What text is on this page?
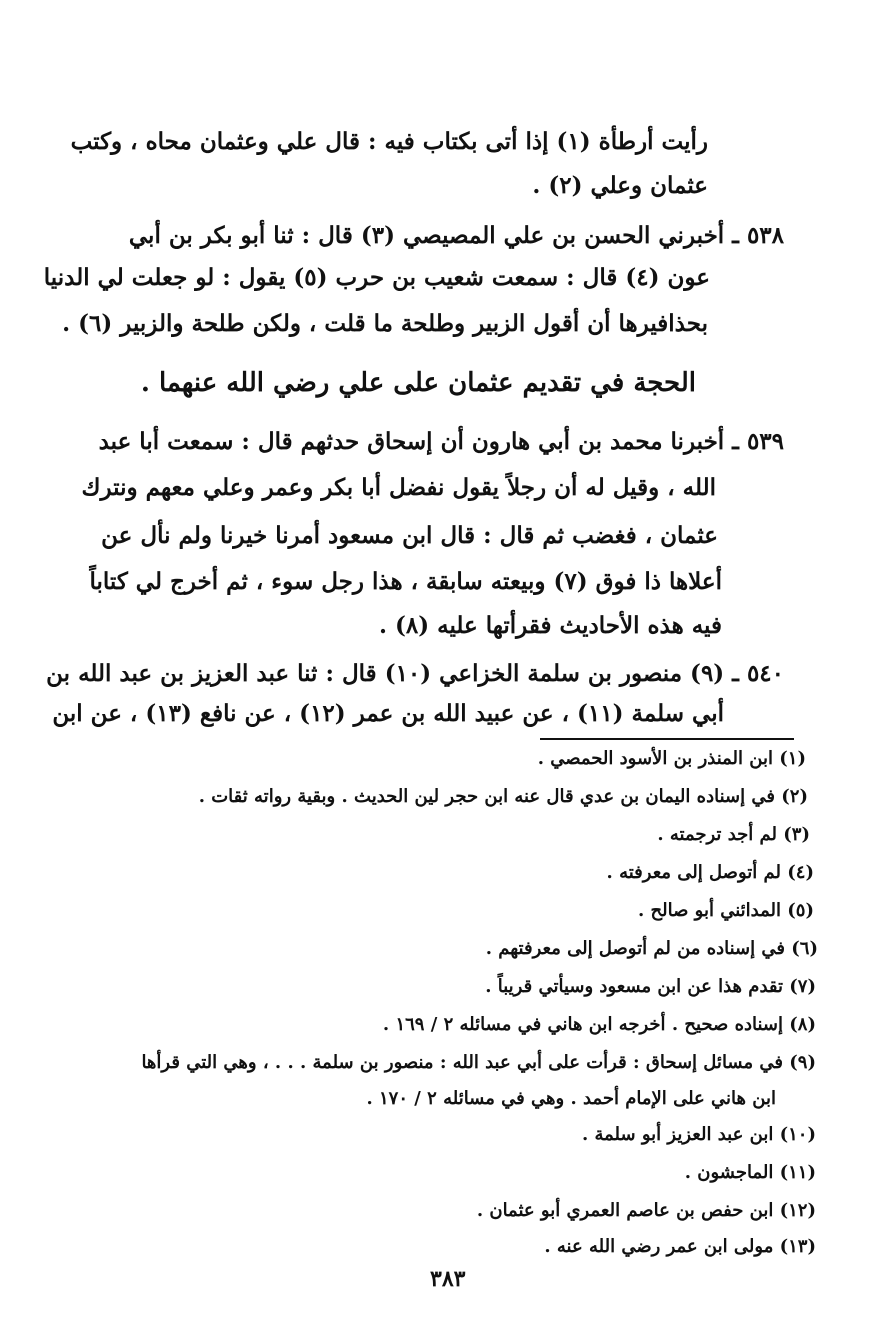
رأيت أرطأة (١) إذا أتى بكتاب فيه : قال علي وعثمان محاه ، وكتب
عثمان وعلي (٢) .
٥٣٨ ـ أخبرني الحسن بن علي المصيصي (٣) قال : ثنا أبو بكر بن أبي
عون (٤) قال : سمعت شعيب بن حرب (٥) يقول : لو جعلت لي الدنيا
بحذافيرها أن أقول الزبير وطلحة ما قلت ، ولكن طلحة والزبير (٦) .
الحجة في تقديم عثمان على علي رضي الله عنهما .
٥٣٩ ـ أخبرنا محمد بن أبي هارون أن إسحاق حدثهم قال : سمعت أبا عبد
الله ، وقيل له أن رجلاً يقول نفضل أبا بكر وعمر وعلي معهم ونترك
عثمان ، فغضب ثم قال : قال ابن مسعود أمرنا خيرنا ولم نأل عن
أعلاها ذا فوق (٧) وبيعته سابقة ، هذا رجل سوء ، ثم أخرج لي كتاباً
فيه هذه الأحاديث فقرأتها عليه (٨) .
٥٤٠ ـ (٩) منصور بن سلمة الخزاعي (١٠) قال : ثنا عبد العزيز بن عبد الله بن
أبي سلمة (١١) ، عن عبيد الله بن عمر (١٢) ، عن نافع (١٣) ، عن ابن
(١) ابن المنذر بن الأسود الحمصي .
(٢) في إسناده اليمان بن عدي قال عنه ابن حجر لين الحديث . وبقية رواته ثقات .
(٣) لم أجد ترجمته .
(٤) لم أتوصل إلى معرفته .
(٥) المدائني أبو صالح .
(٦) في إسناده من لم أتوصل إلى معرفتهم .
(٧) تقدم هذا عن ابن مسعود وسيأتي قريباً .
(٨) إسناده صحيح . أخرجه ابن هاني في مسائله ٢ / ١٦٩ .
(٩) في مسائل إسحاق : قرأت على أبي عبد الله : منصور بن سلمة . . . ، وهي التي قرأها
ابن هاني على الإمام أحمد . وهي في مسائله ٢ / ١٧٠ .
(١٠) ابن عبد العزيز أبو سلمة .
(١١) الماجشون .
(١٢) ابن حفص بن عاصم العمري أبو عثمان .
(١٣) مولى ابن عمر رضي الله عنه .
٣٨٣
